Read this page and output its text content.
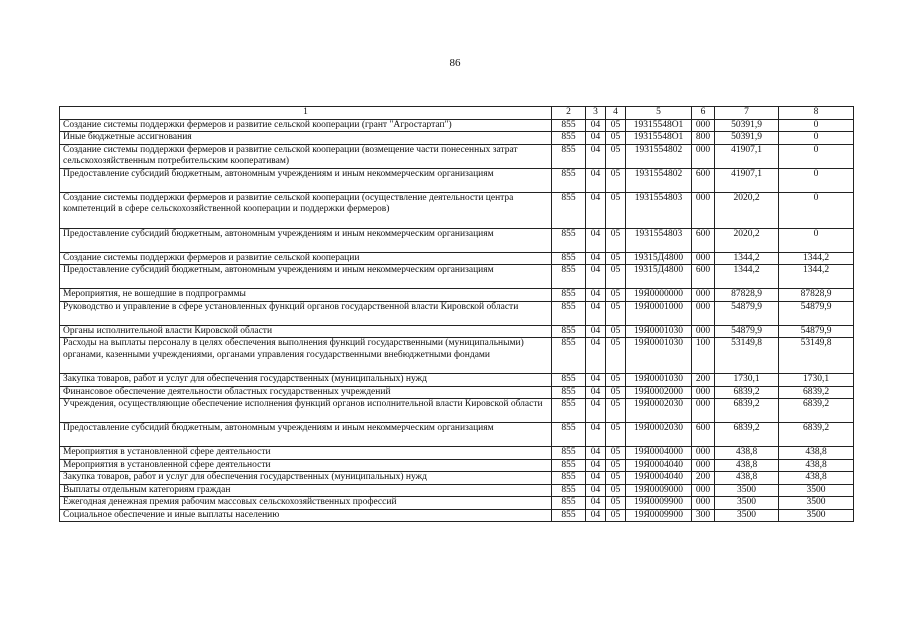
86
1	2	3	4	5	6	7	8
Создание системы поддержки фермеров и развитие сельской кооперации (грант "Агростартап")	855	04	05	19315548О1	000	50391,9	0
Иные бюджетные ассигнования	855	04	05	19315548О1	800	50391,9	0
Создание системы поддержки фермеров и развитие сельской кооперации (возмещение части понесенных затрат сельскохозяйственным потребительским кооперативам)	855	04	05	1931554802	000	41907,1	0
Предоставление субсидий бюджетным, автономным учреждениям и иным некоммерческим организациям	855	04	05	1931554802	600	41907,1	0
Создание системы поддержки фермеров и развитие сельской кооперации (осуществление деятельности центра компетенций в сфере сельскохозяйственной кооперации и поддержки фермеров)	855	04	05	1931554803	000	2020,2	0
Предоставление субсидий бюджетным, автономным учреждениям и иным некоммерческим организациям	855	04	05	1931554803	600	2020,2	0
Создание системы поддержки фермеров и развитие сельской кооперации	855	04	05	19315Д4800	000	1344,2	1344,2
Предоставление субсидий бюджетным, автономным учреждениям и иным некоммерческим организациям	855	04	05	19315Д4800	600	1344,2	1344,2
Мероприятия, не вошедшие в подпрограммы	855	04	05	19Я0000000	000	87828,9	87828,9
Руководство и управление в сфере установленных функций органов государственной власти Кировской области	855	04	05	19Я0001000	000	54879,9	54879,9
Органы исполнительной власти Кировской области	855	04	05	19Я0001030	000	54879,9	54879,9
Расходы на выплаты персоналу в целях обеспечения выполнения функций государственными (муниципальными) органами, казенными учреждениями, органами управления государственными внебюджетными фондами	855	04	05	19Я0001030	100	53149,8	53149,8
Закупка товаров, работ и услуг для обеспечения государственных (муниципальных) нужд	855	04	05	19Я0001030	200	1730,1	1730,1
Финансовое обеспечение деятельности областных государственных учреждений	855	04	05	19Я0002000	000	6839,2	6839,2
Учреждения, осуществляющие обеспечение исполнения функций органов исполнительной власти Кировской области	855	04	05	19Я0002030	000	6839,2	6839,2
Предоставление субсидий бюджетным, автономным учреждениям и иным некоммерческим организациям	855	04	05	19Я0002030	600	6839,2	6839,2
Мероприятия в установленной сфере деятельности	855	04	05	19Я0004000	000	438,8	438,8
Мероприятия в установленной сфере деятельности	855	04	05	19Я0004040	000	438,8	438,8
Закупка товаров, работ и услуг для обеспечения государственных (муниципальных) нужд	855	04	05	19Я0004040	200	438,8	438,8
Выплаты отдельным категориям граждан	855	04	05	19Я0009000	000	3500	3500
Ежегодная денежная премия рабочим массовых сельскохозяйственных профессий	855	04	05	19Я0009900	000	3500	3500
Социальное обеспечение и иные выплаты населению	855	04	05	19Я0009900	300	3500	3500
